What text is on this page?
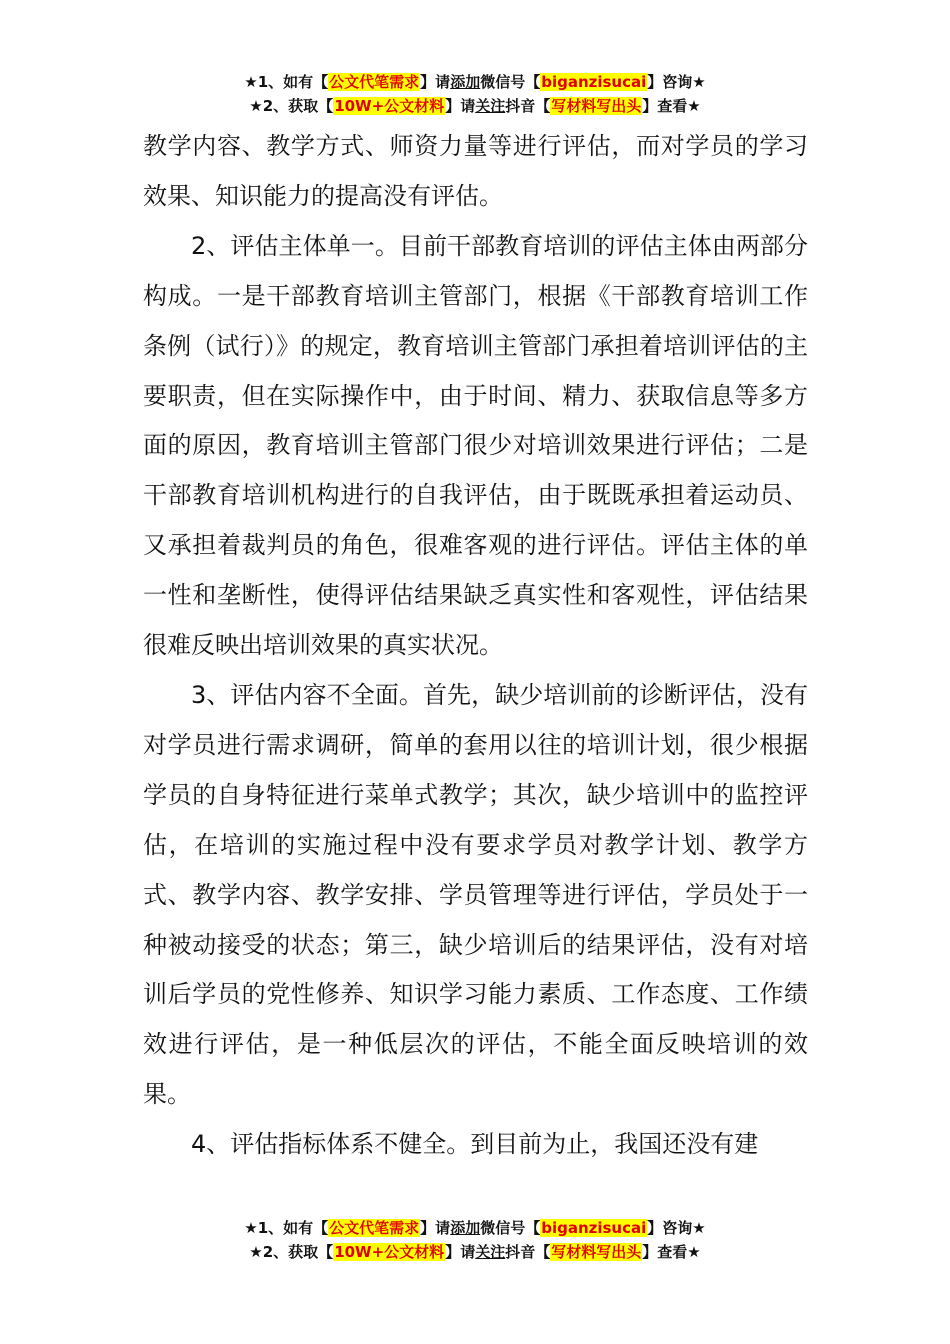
★1、如有【公文代笔需求】请添加微信号【biganzisucai】咨询★
★2、获取【10W+公文材料】请关注抖音【写材料写出头】查看★

教学内容、教学方式、师资力量等进行评估，而对学员的学习效果、知识能力的提高没有评估。

2、评估主体单一。目前干部教育培训的评估主体由两部分构成。一是干部教育培训主管部门，根据《干部教育培训工作条例（试行）》的规定，教育培训主管部门承担着培训评估的主要职责，但在实际操作中，由于时间、精力、获取信息等多方面的原因，教育培训主管部门很少对培训效果进行评估；二是干部教育培训机构进行的自我评估，由于既既承担着运动员、又承担着裁判员的角色，很难客观的进行评估。评估主体的单一性和垄断性，使得评估结果缺乏真实性和客观性，评估结果很难反映出培训效果的真实状况。

3、评估内容不全面。首先，缺少培训前的诊断评估，没有对学员进行需求调研，简单的套用以往的培训计划，很少根据学员的自身特征进行菜单式教学；其次，缺少培训中的监控评估，在培训的实施过程中没有要求学员对教学计划、教学方式、教学内容、教学安排、学员管理等进行评估，学员处于一种被动接受的状态；第三，缺少培训后的结果评估，没有对培训后学员的党性修养、知识学习能力素质、工作态度、工作绩效进行评估，是一种低层次的评估，不能全面反映培训的效果。

4、评估指标体系不健全。到目前为止，我国还没有建

★1、如有【公文代笔需求】请添加微信号【biganzisucai】咨询★
★2、获取【10W+公文材料】请关注抖音【写材料写出头】查看★
